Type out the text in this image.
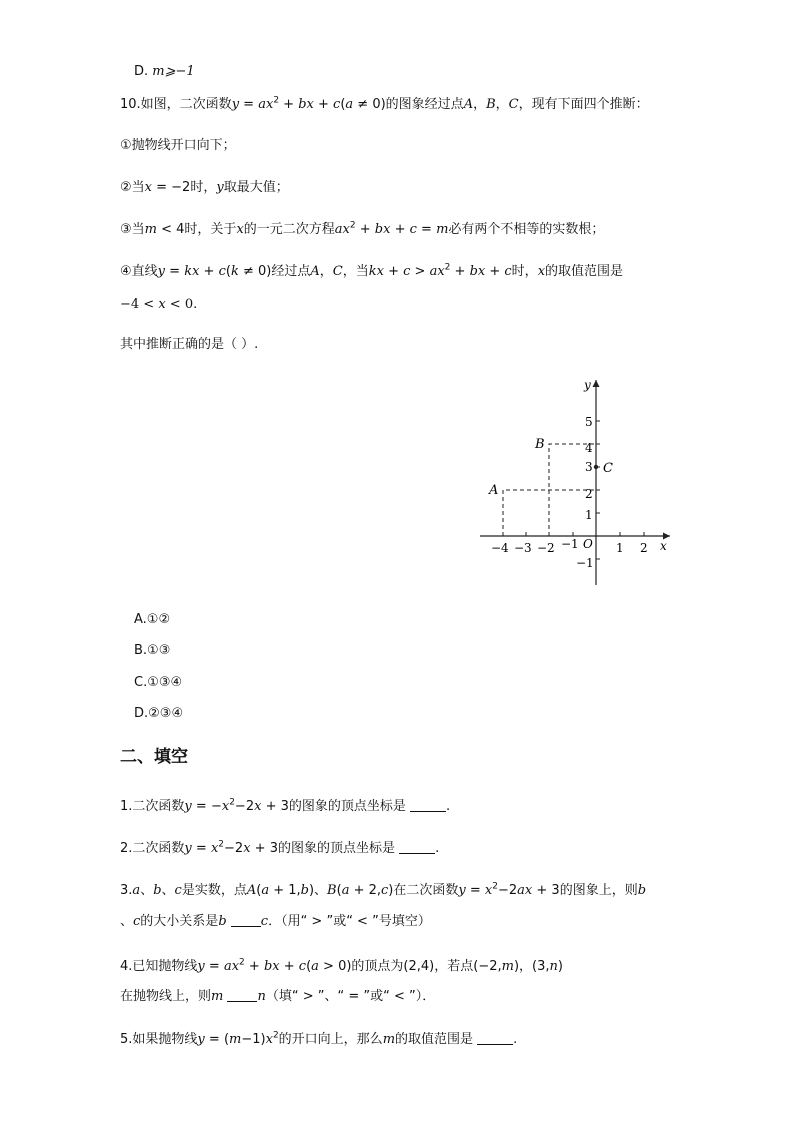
D. m⩾−1
10.如图，二次函数$y = ax^2$ + bx + c(a ≠ 0)的图象经过点A，B，C，现有下面四个推断：
①抛物线开口向下；
②当x = −2时，y取最大值；
③当m < 4时，关于x的一元二次方程$ax^2$ + bx + c = m必有两个不相等的实数根；
④直线y = kx + c(k ≠ 0)经过点A，C，当kx + $c > ax^2$ + bx + c时，x的取值范围是
−4 < x < 0.
其中推断正确的是（ ）.
y
x
O
−4 −3 −2 −1	1 2
5
4
3
2
1
−1
A
B
C
A.①②
B.①③
C.①③④
D.②③④
二、填空
1.二次函数$y = -x^2-2x + 3$的图象的顶点坐标是	.
2.二次函数$y = x^2-2x + 3$的图象的顶点坐标是	.
3.a、b、c是实数，点A(a + 1,b)、B(a + 2,c)在二次函数$y = x^2-2ax + 3$的图象上，则b
、c的大小关系是b	c．（用“ > ”或“ < ”号填空）
4.已知抛物线$y = ax^2$ + bx + c(a > 0)的顶点为(2,4)，若点(−2,m)，(3,n)
在抛物线上，则m	n（填“ > ”、“ = ”或“ < ”）．
5.如果抛物线$y = (m-1)x^2$的开口向上，那么m的取值范围是	.
